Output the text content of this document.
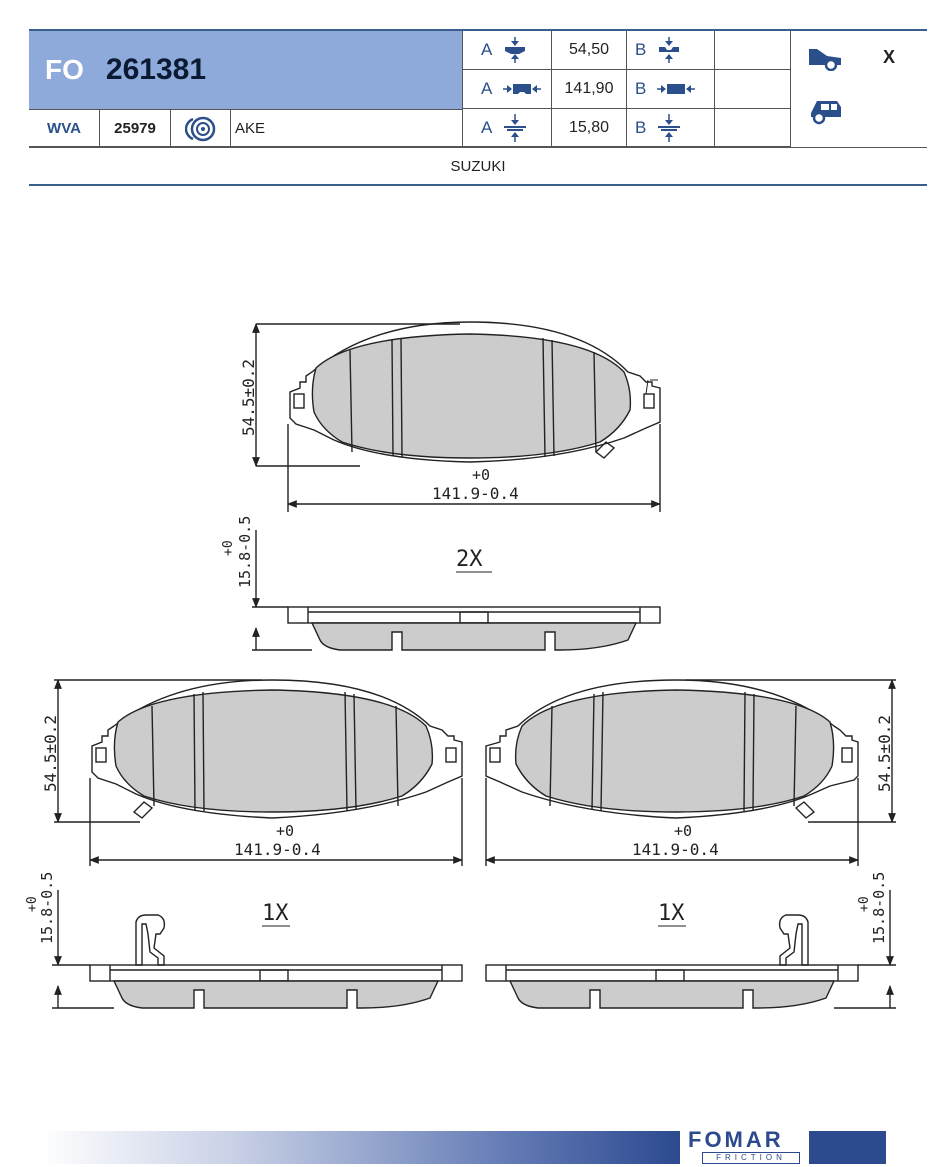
FO 261381
A	54,50	B
A	141,90	B
A	15,80	B
WVA	25979	AKE
X
SUZUKI
54.5±0.2
+0
141.9-0.4
2X
15.8-0.5
+0
54.5±0.2
+0
141.9-0.4
54.5±0.2
+0
141.9-0.4
1X
15.8-0.5
+0	1X	15.8-0.5
+0
FOMAR
FRICTION
